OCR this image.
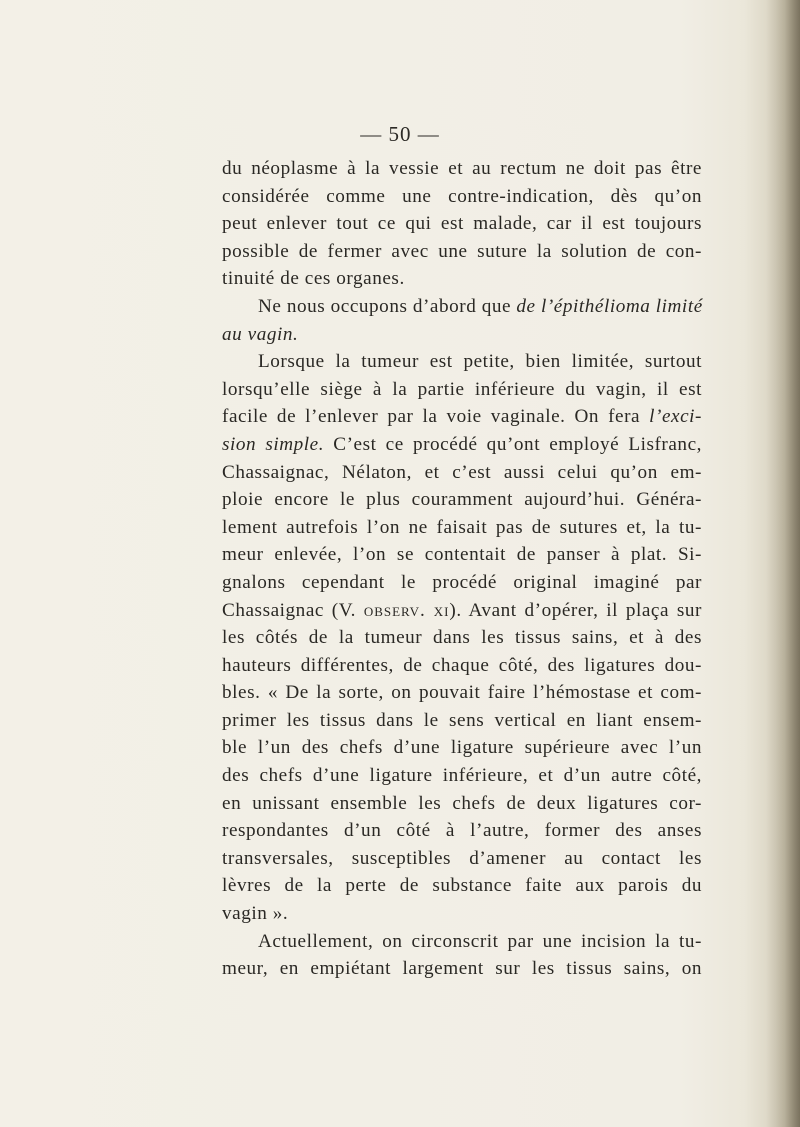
— 50 —
du néoplasme à la vessie et au rectum ne doit pas être
considérée comme une contre-indication, dès qu’on
peut enlever tout ce qui est malade, car il est toujours
possible de fermer avec une suture la solution de con-
tinuité de ces organes.
Ne nous occupons d’abord que de l’épithélioma limité
au vagin.
Lorsque la tumeur est petite, bien limitée, surtout
lorsqu’elle siège à la partie inférieure du vagin, il est
facile de l’enlever par la voie vaginale. On fera l’exci-
sion simple. C’est ce procédé qu’ont employé Lisfranc,
Chassaignac, Nélaton, et c’est aussi celui qu’on em-
ploie encore le plus couramment aujourd’hui. Généra-
lement autrefois l’on ne faisait pas de sutures et, la tu-
meur enlevée, l’on se contentait de panser à plat. Si-
gnalons cependant le procédé original imaginé par
Chassaignac (V. observ. xi). Avant d’opérer, il plaça sur
les côtés de la tumeur dans les tissus sains, et à des
hauteurs différentes, de chaque côté, des ligatures dou-
bles. « De la sorte, on pouvait faire l’hémostase et com-
primer les tissus dans le sens vertical en liant ensem-
ble l’un des chefs d’une ligature supérieure avec l’un
des chefs d’une ligature inférieure, et d’un autre côté,
en unissant ensemble les chefs de deux ligatures cor-
respondantes d’un côté à l’autre, former des anses
transversales, susceptibles d’amener au contact les
lèvres de la perte de substance faite aux parois du
vagin ».
Actuellement, on circonscrit par une incision la tu-
meur, en empiétant largement sur les tissus sains, on
